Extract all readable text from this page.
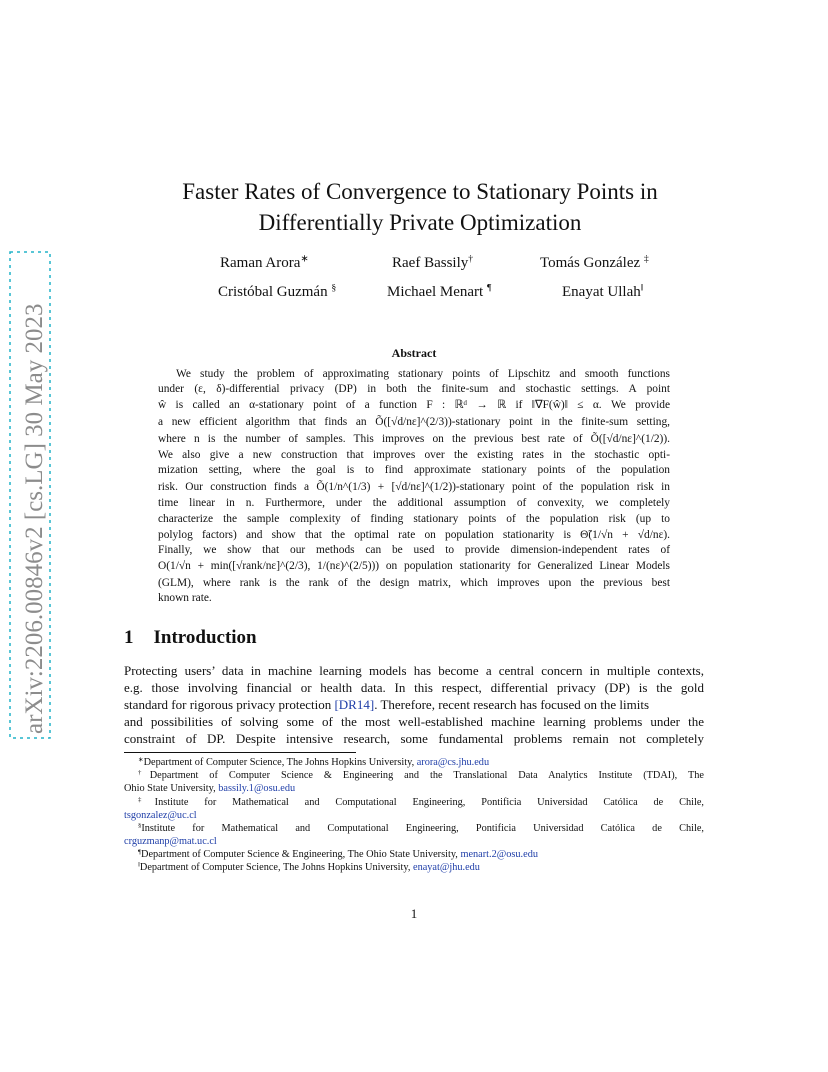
arXiv:2206.00846v2 [cs.LG] 30 May 2023
Faster Rates of Convergence to Stationary Points in
Differentially Private Optimization
Raman Arora∗	Raef Bassily†	Tomás González ‡
Cristóbal Guzmán §	Michael Menart ¶	Enayat Ullah‖
Abstract
We study the problem of approximating stationary points of Lipschitz and smooth functions
under (ε, δ)-differential privacy (DP) in both the finite-sum and stochastic settings. A point
ŵ is called an α-stationary point of a function F : ℝᵈ → ℝ if ‖∇F(ŵ)‖ ≤ α. We provide
a new efficient algorithm that finds an Õ([√d/nε]^(2/3))-stationary point in the finite-sum setting,
where n is the number of samples. This improves on the previous best rate of Õ([√d/nε]^(1/2)).
We also give a new construction that improves over the existing rates in the stochastic opti-
mization setting, where the goal is to find approximate stationary points of the population
risk. Our construction finds a Õ(1/n^(1/3) + [√d/nε]^(1/2))-stationary point of the population risk in
time linear in n. Furthermore, under the additional assumption of convexity, we completely
characterize the sample complexity of finding stationary points of the population risk (up to
polylog factors) and show that the optimal rate on population stationarity is Θ̃(1/√n + √d/nε).
Finally, we show that our methods can be used to provide dimension-independent rates of
O(1/√n + min([√rank/nε]^(2/3), 1/(nε)^(2/5))) on population stationarity for Generalized Linear Models
(GLM), where rank is the rank of the design matrix, which improves upon the previous best
known rate.
1 Introduction
Protecting users’ data in machine learning models has become a central concern in multiple contexts,
e.g. those involving financial or health data. In this respect, differential privacy (DP) is the gold
standard for rigorous privacy protection [DR14]. Therefore, recent research has focused on the limits
and possibilities of solving some of the most well-established machine learning problems under the
constraint of DP. Despite intensive research, some fundamental problems remain not completely
∗Department of Computer Science, The Johns Hopkins University, arora@cs.jhu.edu
†Department of Computer Science & Engineering and the Translational Data Analytics Institute (TDAI), The
Ohio State University, bassily.1@osu.edu
‡Institute for Mathematical and Computational Engineering, Pontificia Universidad Católica de Chile,
tsgonzalez@uc.cl
§Institute for Mathematical and Computational Engineering, Pontificia Universidad Católica de Chile,
crguzmanp@mat.uc.cl
¶Department of Computer Science & Engineering, The Ohio State University, menart.2@osu.edu
‖Department of Computer Science, The Johns Hopkins University, enayat@jhu.edu
1
